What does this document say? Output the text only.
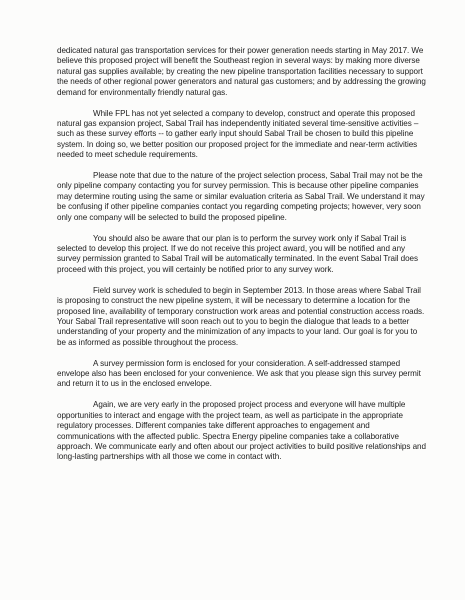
dedicated natural gas transportation services for their power generation needs starting in May 2017. We believe this proposed project will benefit the Southeast region in several ways: by making more diverse natural gas supplies available; by creating the new pipeline transportation facilities necessary to support the needs of other regional power generators and natural gas customers; and by addressing the growing demand for environmentally friendly natural gas.

While FPL has not yet selected a company to develop, construct and operate this proposed natural gas expansion project, Sabal Trail has independently initiated several time-sensitive activities – such as these survey efforts -- to gather early input should Sabal Trail be chosen to build this pipeline system. In doing so, we better position our proposed project for the immediate and near-term activities needed to meet schedule requirements.

Please note that due to the nature of the project selection process, Sabal Trail may not be the only pipeline company contacting you for survey permission. This is because other pipeline companies may determine routing using the same or similar evaluation criteria as Sabal Trail. We understand it may be confusing if other pipeline companies contact you regarding competing projects; however, very soon only one company will be selected to build the proposed pipeline.

You should also be aware that our plan is to perform the survey work only if Sabal Trail is selected to develop this project. If we do not receive this project award, you will be notified and any survey permission granted to Sabal Trail will be automatically terminated. In the event Sabal Trail does proceed with this project, you will certainly be notified prior to any survey work.

Field survey work is scheduled to begin in September 2013. In those areas where Sabal Trail is proposing to construct the new pipeline system, it will be necessary to determine a location for the proposed line, availability of temporary construction work areas and potential construction access roads. Your Sabal Trail representative will soon reach out to you to begin the dialogue that leads to a better understanding of your property and the minimization of any impacts to your land. Our goal is for you to be as informed as possible throughout the process.

A survey permission form is enclosed for your consideration. A self-addressed stamped envelope also has been enclosed for your convenience. We ask that you please sign this survey permit and return it to us in the enclosed envelope.

Again, we are very early in the proposed project process and everyone will have multiple opportunities to interact and engage with the project team, as well as participate in the appropriate regulatory processes. Different companies take different approaches to engagement and communications with the affected public. Spectra Energy pipeline companies take a collaborative approach. We communicate early and often about our project activities to build positive relationships and long-lasting partnerships with all those we come in contact with.
